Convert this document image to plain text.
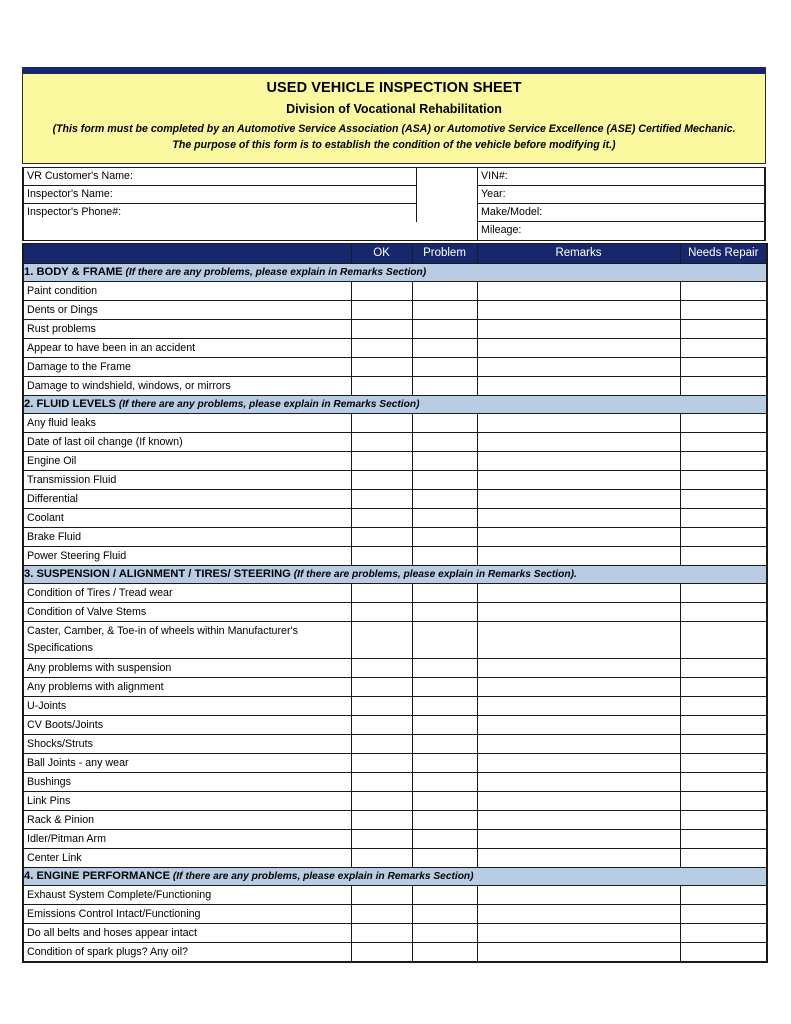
USED VEHICLE INSPECTION SHEET
Division of Vocational Rehabilitation
(This form must be completed by an Automotive Service Association (ASA) or Automotive Service Excellence (ASE) Certified Mechanic.
The purpose of this form is to establish the condition of the vehicle before modifying it.)
VR Customer's Name:	VIN#:
Inspector's Name:	Year:
Inspector's Phone#:	Make/Model:
Mileage:
	OK	Problem	Remarks	Needs Repair
1. BODY & FRAME (If there are any problems, please explain in Remarks Section)				
Paint condition				
Dents or Dings				
Rust problems				
Appear to have been in an accident				
Damage to the Frame				
Damage to windshield, windows, or mirrors				
2. FLUID LEVELS (If there are any problems, please explain in Remarks Section)				
Any fluid leaks				
Date of last oil change (If known)				
Engine Oil				
Transmission Fluid				
Differential				
Coolant				
Brake Fluid				
Power Steering Fluid				
3. SUSPENSION / ALIGNMENT / TIRES/ STEERING (If there are problems, please explain in Remarks Section).				
Condition of Tires / Tread wear				
Condition of Valve Stems				
Caster, Camber, & Toe-in of wheels within Manufacturer's Specifications				
Any problems with suspension				
Any problems with alignment				
U-Joints				
CV Boots/Joints				
Shocks/Struts				
Ball Joints - any wear				
Bushings				
Link Pins				
Rack & Pinion				
Idler/Pitman Arm				
Center Link				
4. ENGINE PERFORMANCE (If there are any problems, please explain in Remarks Section)				
Exhaust System Complete/Functioning				
Emissions Control Intact/Functioning				
Do all belts and hoses appear intact				
Condition of spark plugs? Any oil?				
